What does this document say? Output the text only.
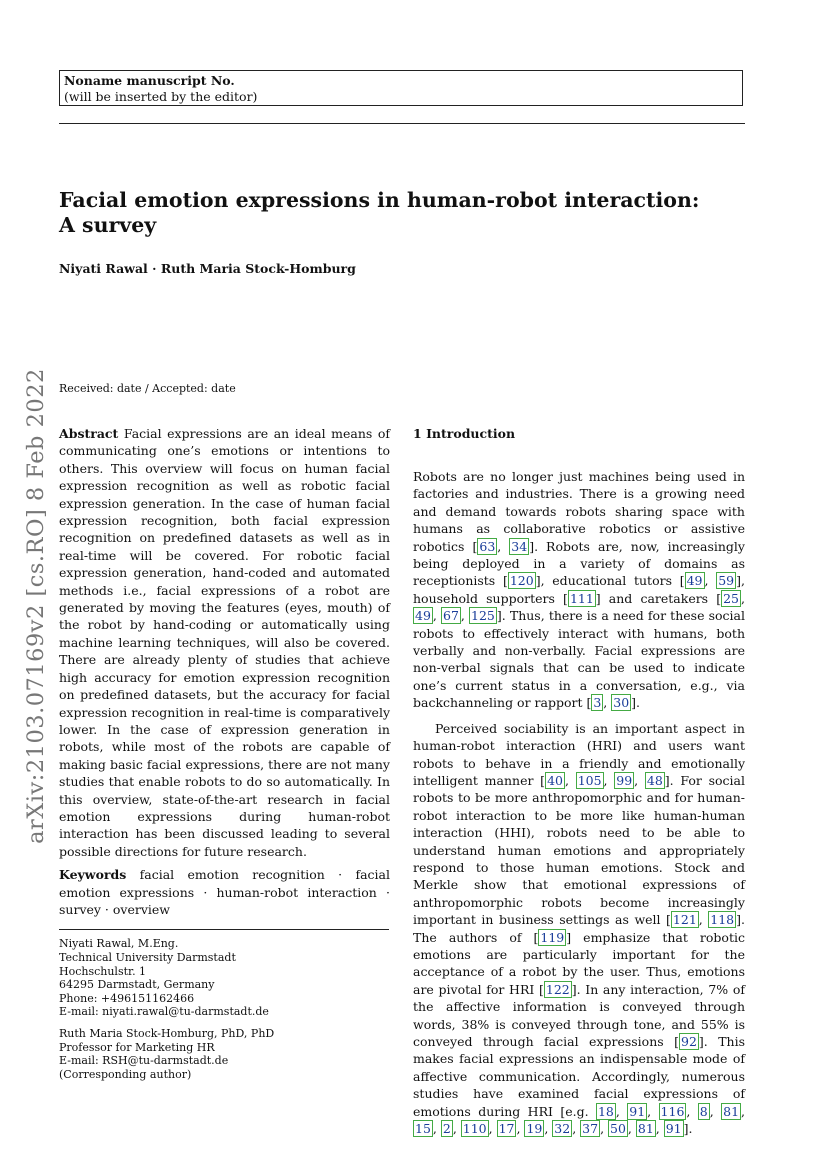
Noname manuscript No.
(will be inserted by the editor)
Facial emotion expressions in human-robot interaction:
A survey
Niyati Rawal · Ruth Maria Stock-Homburg
arXiv:2103.07169v2 [cs.RO] 8 Feb 2022 Received: date / Accepted: date

Abstract Facial expressions are an ideal means of communicating one’s emotions or intentions to others. This overview will focus on human facial expression recognition as well as robotic facial expression generation. In the case of human facial expression recognition, both facial expression recognition on predefined datasets as well as in real-time will be covered. For robotic facial expression generation, hand-coded and automated methods i.e., facial expressions of a robot are generated by moving the features (eyes, mouth) of the robot by hand-coding or automatically using machine learning techniques, will also be covered. There are already plenty of studies that achieve high accuracy for emotion expression recognition on predefined datasets, but the accuracy for facial expression recognition in real-time is comparatively lower. In the case of expression generation in robots, while most of the robots are capable of making basic facial expressions, there are not many studies that enable robots to do so automatically. In this overview, state-of-the-art research in facial emotion expressions during human-robot interaction has been discussed leading to several possible directions for future research.

Keywords facial emotion recognition · facial emotion expressions · human-robot interaction · survey · overview

Niyati Rawal, M.Eng.
Technical University Darmstadt
Hochschulstr. 1
64295 Darmstadt, Germany
Phone: +496151162466
E-mail: niyati.rawal@tu-darmstadt.de
Ruth Maria Stock-Homburg, PhD, PhD
Professor for Marketing HR
E-mail: RSH@tu-darmstadt.de
(Corresponding author)
1 Introduction

Robots are no longer just machines being used in factories and industries. There is a growing need and demand towards robots sharing space with humans as collaborative robotics or assistive robotics [ 63 , 34 ]. Robots are, now, increasingly being deployed in a variety of domains as receptionists [ 120 ], educational tutors [ 49 , 59 ], household supporters [ 111 ] and caretakers [ 25 , 49 , 67 , 125 ]. Thus, there is a need for these social robots to effectively interact with humans, both verbally and non-verbally. Facial expressions are non-verbal signals that can be used to indicate one’s current status in a conversation, e.g., via backchanneling or rapport [ 3 , 30 ].

Perceived sociability is an important aspect in human-robot interaction (HRI) and users want robots to behave in a friendly and emotionally intelligent manner [ 40 , 105 , 99 , 48 ]. For social robots to be more anthropomorphic and for human-robot interaction to be more like human-human interaction (HHI), robots need to be able to understand human emotions and appropriately respond to those human emotions. Stock and Merkle show that emotional expressions of anthropomorphic robots become increasingly important in business settings as well [ 121 , 118 ]. The authors of [ 119 ] emphasize that robotic emotions are particularly important for the acceptance of a robot by the user. Thus, emotions are pivotal for HRI [ 122 ]. In any interaction, 7% of the affective information is conveyed through words, 38% is conveyed through tone, and 55% is conveyed through facial expressions [ 92 ]. This makes facial expressions an indispensable mode of affective communication. Accordingly, numerous studies have examined facial expressions of emotions during HRI [e.g. 18 , 91 , 116 , 8 , 81 , 15 , 2 , 110 , 17 , 19 , 32 , 37 , 50 , 81 , 91 ].
